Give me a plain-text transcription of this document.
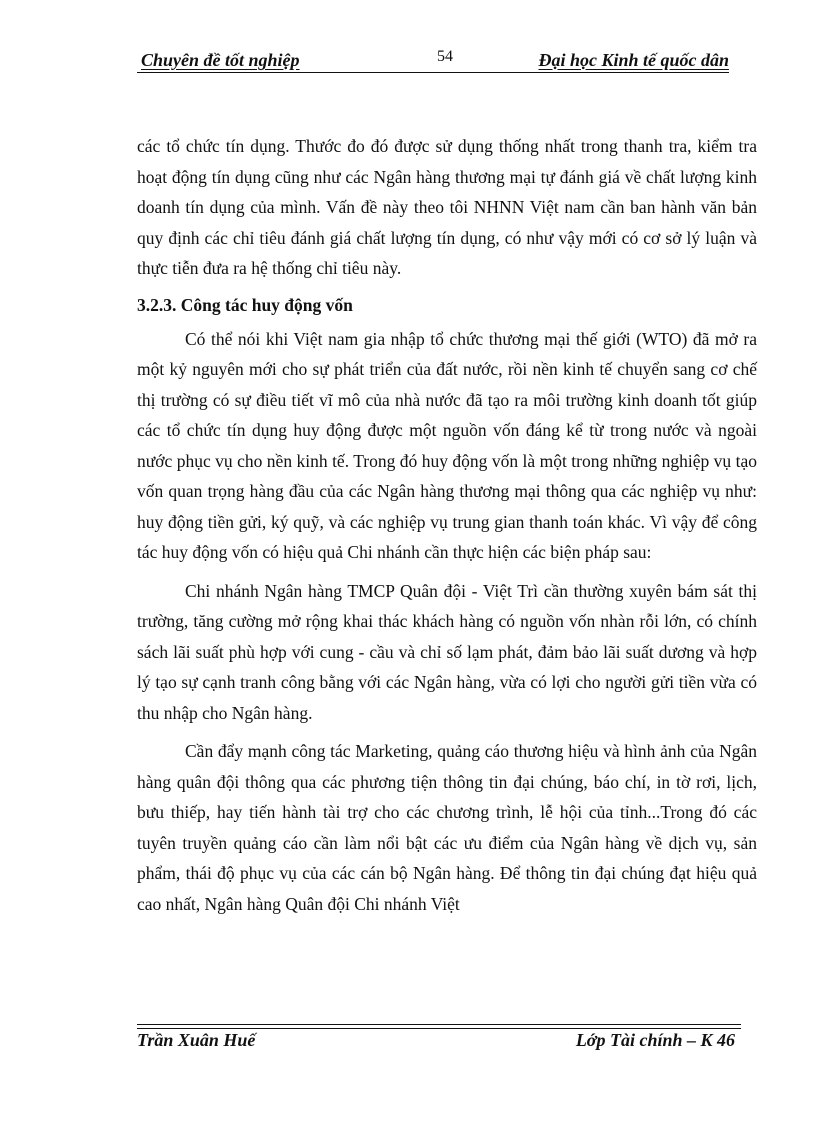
Chuyên đề tốt nghiệp	54	Đại học Kinh tế quốc dân

các tổ chức tín dụng. Thước đo đó được sử dụng thống nhất trong thanh tra, kiểm tra hoạt động tín dụng cũng như các Ngân hàng thương mại tự đánh giá về chất lượng kinh doanh tín dụng của mình. Vấn đề này theo tôi NHNN Việt nam cần ban hành văn bản quy định các chỉ tiêu đánh giá chất lượng tín dụng, có như vậy mới có cơ sở lý luận và thực tiễn đưa ra hệ thống chỉ tiêu này.

3.2.3. Công tác huy động vốn

Có thể nói khi Việt nam gia nhập tổ chức thương mại thế giới (WTO) đã mở ra một kỷ nguyên mới cho sự phát triển của đất nước, rồi nền kinh tế chuyển sang cơ chế thị trường có sự điều tiết vĩ mô của nhà nước đã tạo ra môi trường kinh doanh tốt giúp các tổ chức tín dụng huy động được một nguồn vốn đáng kể từ trong nước và ngoài nước phục vụ cho nền kinh tế. Trong đó huy động vốn là một trong những nghiệp vụ tạo vốn quan trọng hàng đầu của các Ngân hàng thương mại thông qua các nghiệp vụ như: huy động tiền gửi, ký quỹ, và các nghiệp vụ trung gian thanh toán khác. Vì vậy để công tác huy động vốn có hiệu quả Chi nhánh cần thực hiện các biện pháp sau:

Chi nhánh Ngân hàng TMCP Quân đội - Việt Trì cần thường xuyên bám sát thị trường, tăng cường mở rộng khai thác khách hàng có nguồn vốn nhàn rỗi lớn, có chính sách lãi suất phù hợp với cung - cầu và chỉ số lạm phát, đảm bảo lãi suất dương và hợp lý tạo sự cạnh tranh công bằng với các Ngân hàng, vừa có lợi cho người gửi tiền vừa có thu nhập cho Ngân hàng.

Cần đẩy mạnh công tác Marketing, quảng cáo thương hiệu và hình ảnh của Ngân hàng quân đội thông qua các phương tiện thông tin đại chúng, báo chí, in tờ rơi, lịch, bưu thiếp, hay tiến hành tài trợ cho các chương trình, lễ hội của tỉnh...Trong đó các tuyên truyền quảng cáo cần làm nổi bật các ưu điểm của Ngân hàng về dịch vụ, sản phẩm, thái độ phục vụ của các cán bộ Ngân hàng. Để thông tin đại chúng đạt hiệu quả cao nhất, Ngân hàng Quân đội Chi nhánh Việt

Trần Xuân Huế	Lớp Tài chính – K 46
